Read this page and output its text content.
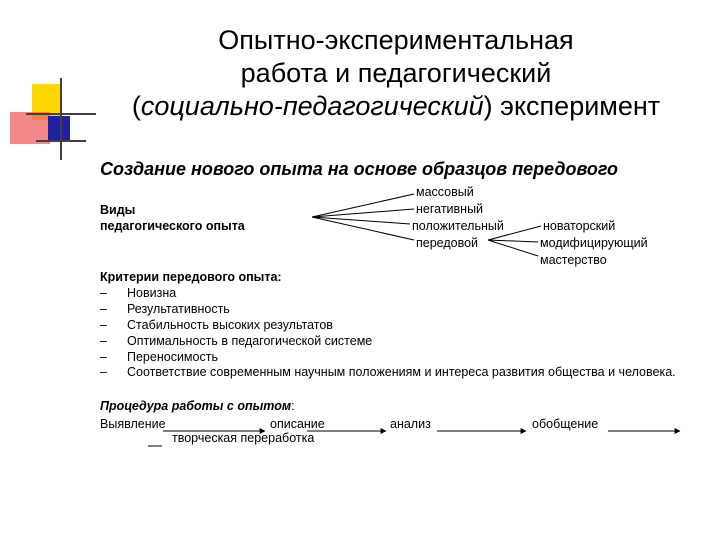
Опытно-экспериментальная
работа и педагогический
(социально-педагогический) эксперимент
Создание нового опыта на основе образцов передового
Виды
педагогического опыта
массовый
негативный
положительный
передовой
новаторский
модифицирующий
мастерство
Критерии передового опыта:
– Новизна
– Результативность
– Стабильность высоких результатов
– Оптимальность в педагогической системе
– Переносимость
– Соответствие современным научным положениям и интереса развития общества и человека.
Процедура работы с опытом:
Выявление	описание	анализ	обобщение
творческая переработка
